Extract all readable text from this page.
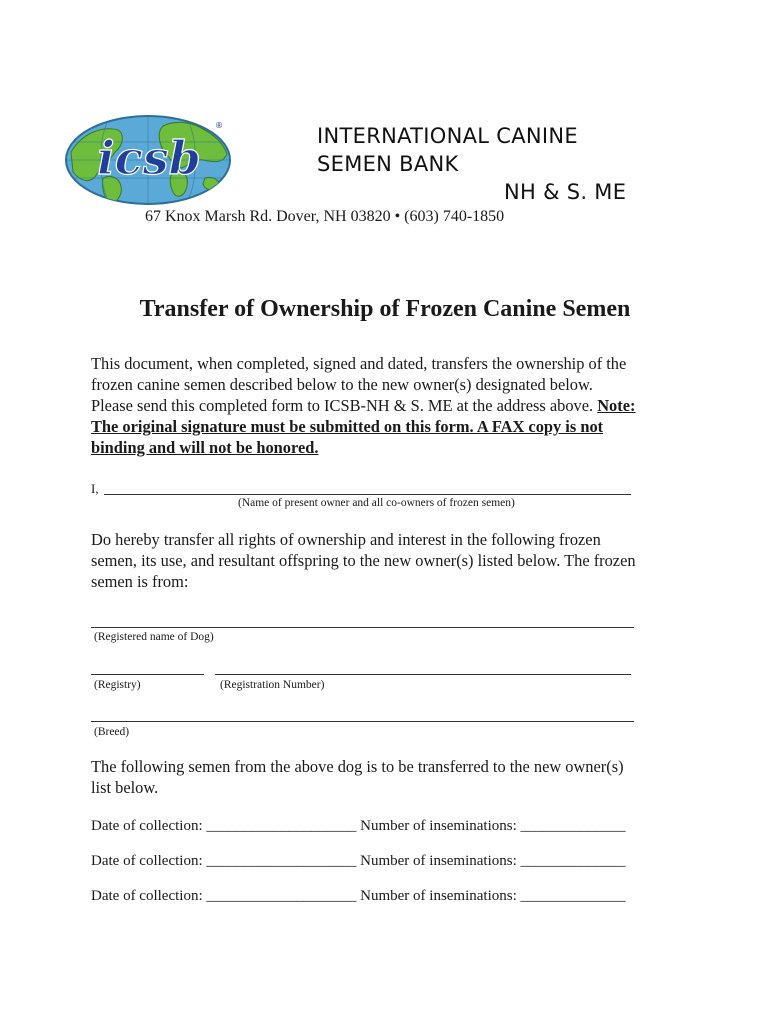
icsb
®	INTERNATIONAL CANINE
SEMEN BANK
NH & S. ME
67 Knox Marsh Rd. Dover, NH 03820 • (603) 740-1850
Transfer of Ownership of Frozen Canine Semen
This document, when completed, signed and dated, transfers the ownership of the
frozen canine semen described below to the new owner(s) designated below.
Please send this completed form to ICSB-NH & S. ME at the address above. Note:
The original signature must be submitted on this form. A FAX copy is not
binding and will not be honored.
I,
(Name of present owner and all co-owners of frozen semen)
Do hereby transfer all rights of ownership and interest in the following frozen
semen, its use, and resultant offspring to the new owner(s) listed below. The frozen
semen is from:
(Registered name of Dog)
(Registry)	(Registration Number)
(Breed)
The following semen from the above dog is to be transferred to the new owner(s)
list below.
Date of collection: ____________________ Number of inseminations: ______________
Date of collection: ____________________ Number of inseminations: ______________
Date of collection: ____________________ Number of inseminations: ______________
